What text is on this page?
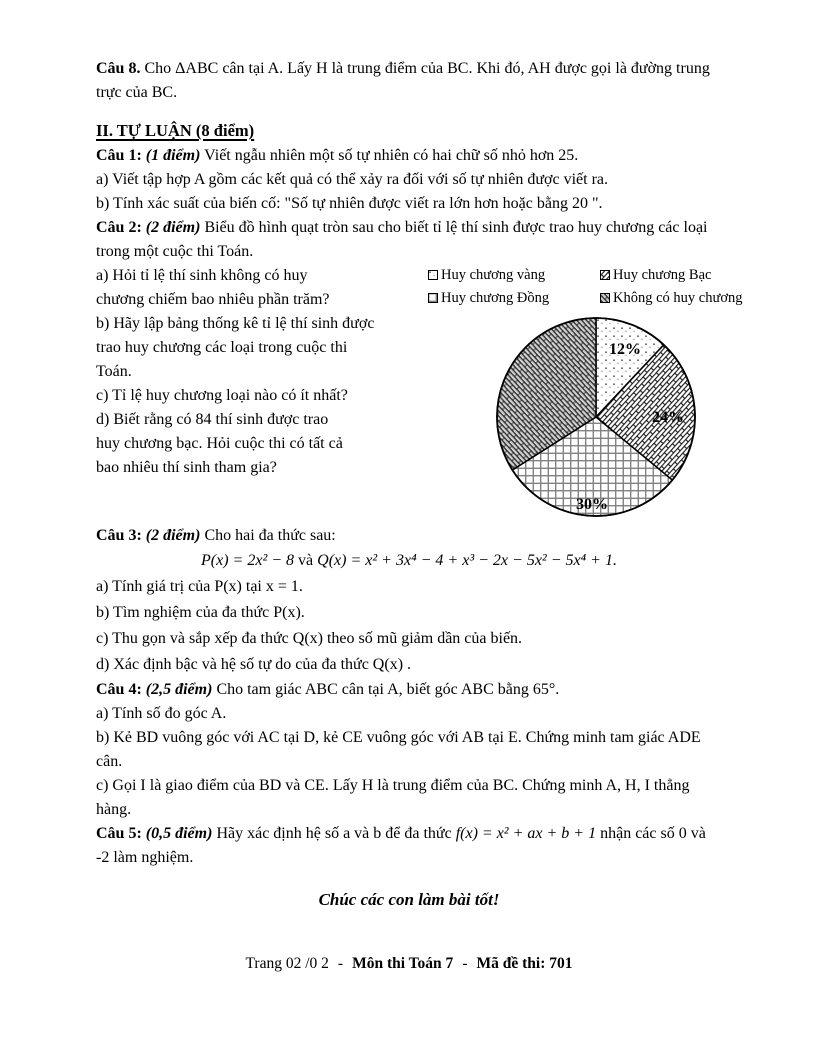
Câu 8. Cho ΔABC cân tại A. Lấy H là trung điểm của BC. Khi đó, AH được gọi là đường trung trực của BC.

II. TỰ LUẬN (8 điểm)

Câu 1: (1 điểm) Viết ngẫu nhiên một số tự nhiên có hai chữ số nhỏ hơn 25.

a) Viết tập hợp A gồm các kết quả có thể xảy ra đối với số tự nhiên được viết ra.
b) Tính xác suất của biến cố: "Số tự nhiên được viết ra lớn hơn hoặc bằng 20 ".

Câu 2: (2 điểm) Biểu đồ hình quạt tròn sau cho biết tỉ lệ thí sinh được trao huy chương các loại trong một cuộc thi Toán.

a) Hỏi tỉ lệ thí sinh không có huy
chương chiếm bao nhiêu phần trăm?
b) Hãy lập bảng thống kê tỉ lệ thí sinh được
trao huy chương các loại trong cuộc thi
Toán.
c) Tỉ lệ huy chương loại nào có ít nhất?
d) Biết rằng có 84 thí sinh được trao
huy chương bạc. Hỏi cuộc thi có tất cả
bao nhiêu thí sinh tham gia?
Huy chương vàng	Huy chương Bạc
Huy chương Đồng	Không có huy chương
12%
24%
30%

Câu 3: (2 điểm) Cho hai đa thức sau:

P(x) = 2x² − 8 và Q(x) = x² + 3x⁴ − 4 + x³ − 2x − 5x² − 5x⁴ + 1.
a) Tính giá trị của P(x) tại x = 1.
b) Tìm nghiệm của đa thức P(x).
c) Thu gọn và sắp xếp đa thức Q(x) theo số mũ giảm dần của biến.
d) Xác định bậc và hệ số tự do của đa thức Q(x) .

Câu 4: (2,5 điểm) Cho tam giác ABC cân tại A, biết góc ABC bằng 65°.

a) Tính số đo góc A.
b) Kẻ BD vuông góc với AC tại D, kẻ CE vuông góc với AB tại E. Chứng minh tam giác ADE cân.
c) Gọi I là giao điểm của BD và CE. Lấy H là trung điểm của BC. Chứng minh A, H, I thẳng hàng.

Câu 5: (0,5 điểm) Hãy xác định hệ số a và b để đa thức f(x) = x² + ax + b + 1 nhận các số 0 và -2 làm nghiệm.

Chúc các con làm bài tốt!
Trang 02 /0 2 - Môn thi Toán 7 - Mã đề thi: 701
